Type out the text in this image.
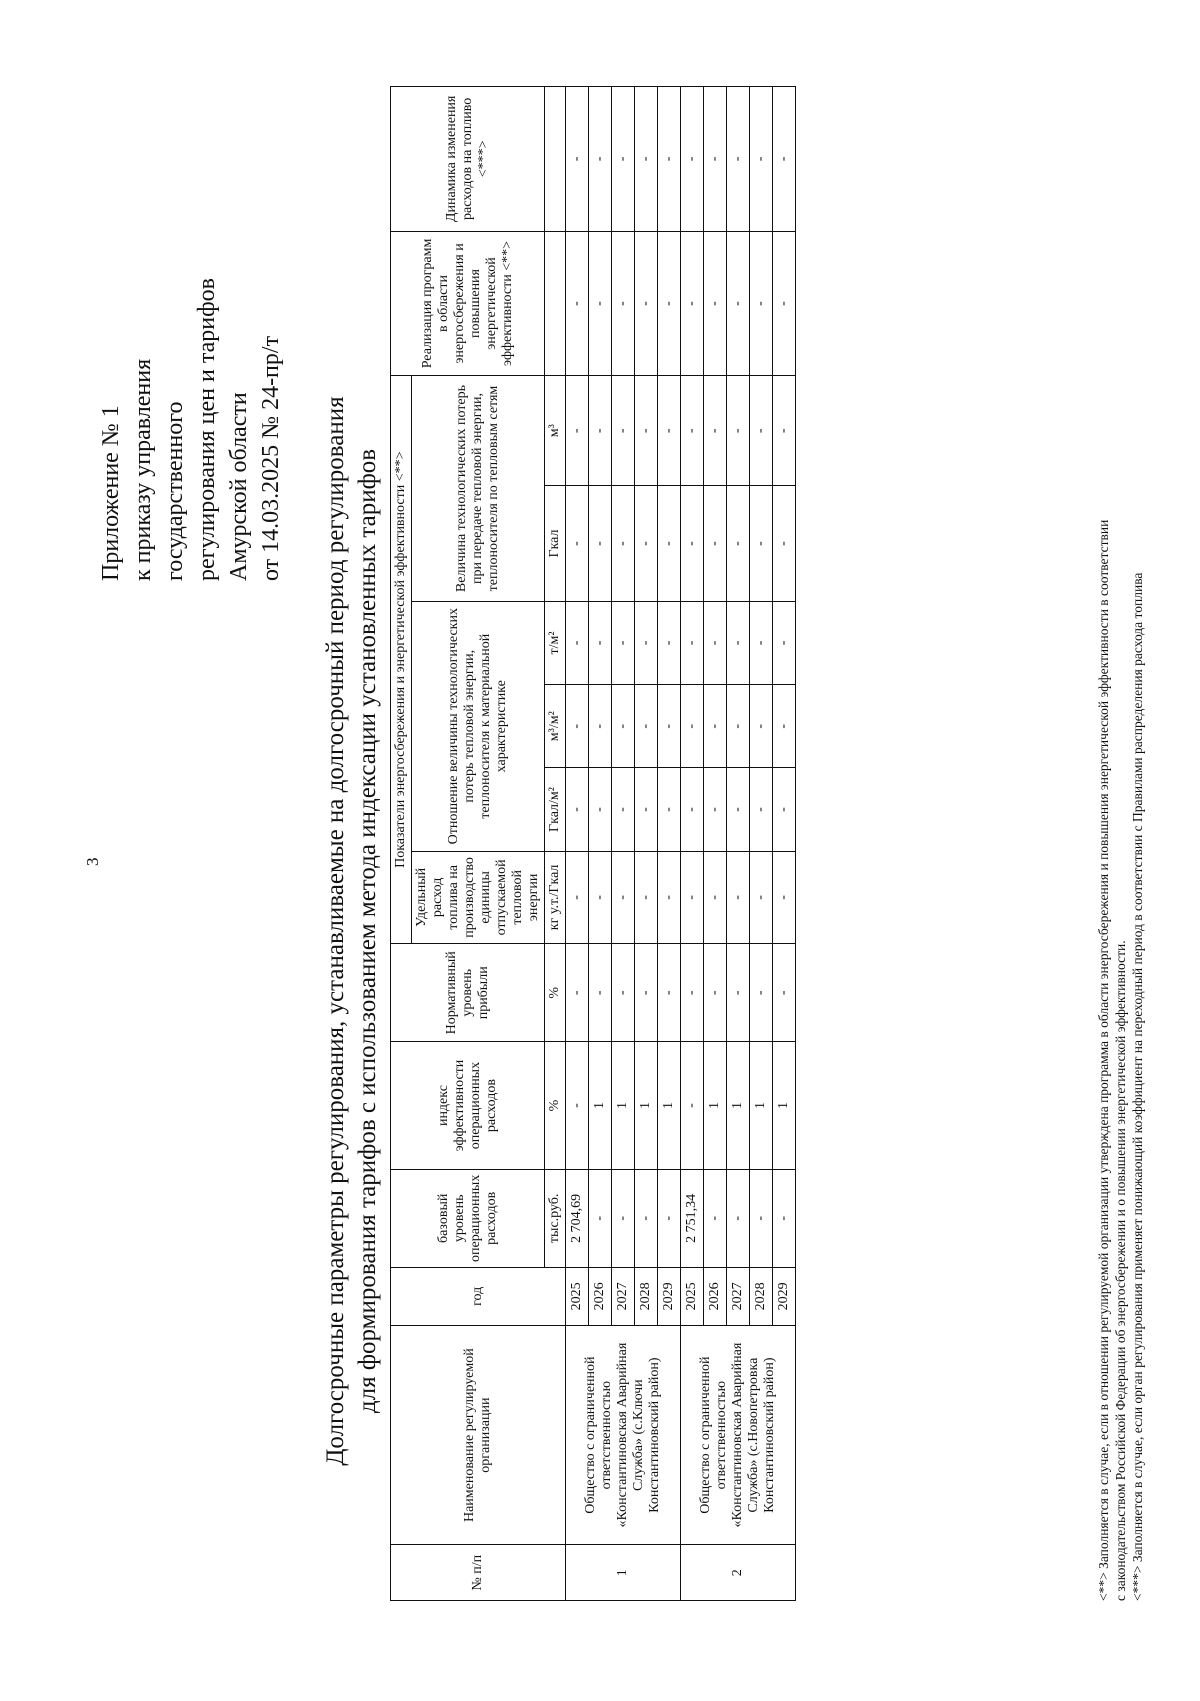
3
Приложение № 1 к приказу управления государственного регулирования цен и тарифов Амурской области от 14.03.2025 № 24-пр/т Долгосрочные параметры регулирования, устанавливаемые на долгосрочный период регулирования для формирования тарифов с использованием метода индексации установленных тарифов
№ п/п	Наименование регулируемой организации	год	базовый уровень операционных расходов	индекс эффективности операционных расходов	Нормативный уровень прибыли	Показатели энергосбережения и энергетической эффективности <**>						Реализация программ в области энергосбережения и повышения энергетической эффективности <**>	Динамика изменения расходов на топливо <***>
						Удельный расход топлива на производство единицы отпускаемой тепловой энергии	Отношение величины технологических потерь тепловой энергии, теплоносителя к материальной характеристике			Величина технологических потерь при передаче тепловой энергии, теплоносителя по тепловым сетям			
			тыс.руб.	%	%	кг у.т./Гкал	Гкал/м²	м³/м²	т/м²	Гкал	м³		
1	Общество с ограниченной ответственностью «Константиновская Аварийная Служба» (с.Ключи Константиновский район)	2025	2 704,69	-	-	-	-	-	-	-	-	-	-
		2026	-	1	-	-	-	-	-	-	-	-	-
		2027	-	1	-	-	-	-	-	-	-	-	-
		2028	-	1	-	-	-	-	-	-	-	-	-
		2029	-	1	-	-	-	-	-	-	-	-	-
2	Общество с ограниченной ответственностью «Константиновская Аварийная Служба» (с.Новопетровка Константиновский район)	2025	2 751,34	-	-	-	-	-	-	-	-	-	-
		2026	-	1	-	-	-	-	-	-	-	-	-
		2027	-	1	-	-	-	-	-	-	-	-	-
		2028	-	1	-	-	-	-	-	-	-	-	-
		2029	-	1	-	-	-	-	-	-	-	-	-
<**> Заполняется в случае, если в отношении регулируемой организации утверждена программа в области энергосбережения и повышения энергетической эффективности в соответствии с законодательством Российской Федерации об энергосбережении и о повышении энергетической эффективности. <***> Заполняется в случае, если орган регулирования применяет понижающий коэффициент на переходный период в соответствии с Правилами распределения расхода топлива
